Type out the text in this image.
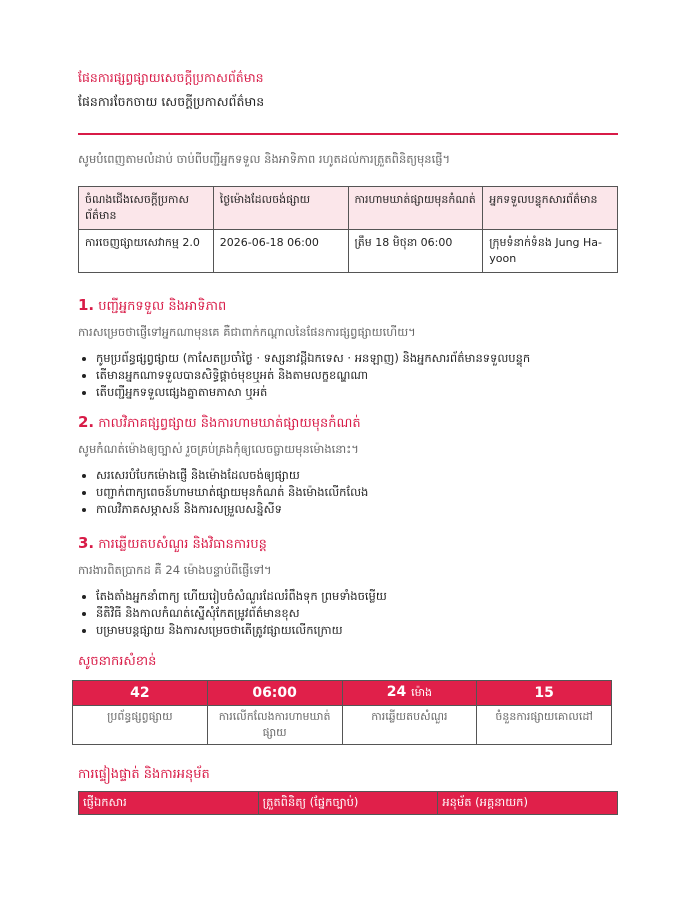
ផែនការផ្សព្វផ្សាយសេចក្តីប្រកាសព័ត៌មាន
ផែនការចែកចាយ សេចក្តីប្រកាសព័ត៌មាន
សូមបំពេញតាមលំដាប់ ចាប់ពីបញ្ជីអ្នកទទួល និងអាទិភាព រហូតដល់ការត្រួតពិនិត្យមុនផ្ញើ។
ចំណងជើងសេចក្តីប្រកាសព័ត៌មាន	ថ្ងៃម៉ោងដែលចង់ផ្សាយ	ការហាមឃាត់ផ្សាយមុនកំណត់	អ្នកទទួលបន្ទុកសារព័ត៌មាន
ការចេញផ្សាយសេវាកម្ម 2.0	2026-06-18 06:00	ត្រឹម 18 មិថុនា 06:00	ក្រុមទំនាក់ទំនង Jung Ha-yoon
1. បញ្ជីអ្នកទទួល និងអាទិភាព
ការសម្រេចថាផ្ញើទៅអ្នកណាមុនគេ គឺជាពាក់កណ្តាលនៃផែនការផ្សព្វផ្សាយហើយ។
• កូមប្រព័ន្ធផ្សព្វផ្សាយ (កាសែតប្រចាំថ្ងៃ · ទស្សនាវដ្តីឯកទេស · អនឡាញ) និងអ្នកសារព័ត៌មានទទួលបន្ទុក
• តើមានអ្នកណាទទួលបានសិទ្ធិផ្តាច់មុខឬអត់ និងតាមលក្ខខណ្ឌណា
• តើបញ្ជីអ្នកទទួលផ្សេងគ្នាតាមភាសា ឬអត់
2. កាលវិភាគផ្សព្វផ្សាយ និងការហាមឃាត់ផ្សាយមុនកំណត់
សូមកំណត់ម៉ោងឲ្យច្បាស់ រួចគ្រប់គ្រងកុំឲ្យលេចធ្លាយមុនម៉ោងនោះ។
• សរសេរបំបែកម៉ោងផ្ញើ និងម៉ោងដែលចង់ឲ្យផ្សាយ
• បញ្ជាក់ពាក្យពេចន៍ហាមឃាត់ផ្សាយមុនកំណត់ និងម៉ោងលើកលែង
• កាលវិភាគសម្ភាសន៍ និងការសម្រួលសន្និសីទ
3. ការឆ្លើយតបសំណួរ និងវិធានការបន្ត
ការងារពិតប្រាកដ គឺ 24 ម៉ោងបន្ទាប់ពីផ្ញើទៅ។
• តែងតាំងអ្នកនាំពាក្យ ហើយរៀបចំសំណួរដែលរំពឹងទុក ព្រមទាំងចម្លើយ
• នីតិវិធី និងកាលកំណត់ស្នើសុំកែតម្រូវព័ត៌មានខុស
• បម្រាមបន្តផ្សាយ និងការសម្រេចថាតើត្រូវផ្សាយលើកក្រោយ
សូចនាករសំខាន់
42	06:00	24 ម៉ោង	15
ប្រព័ន្ធផ្សព្វផ្សាយ	ការលើកលែងការហាមឃាត់ផ្សាយ	ការឆ្លើយតបសំណួរ	ចំនួនការផ្សាយគោលដៅ
ការផ្ទៀងផ្ទាត់ និងការអនុម័ត
ផ្ញើឯកសារ	ត្រួតពិនិត្យ (ផ្នែកច្បាប់)	អនុម័ត (អគ្គនាយក)
